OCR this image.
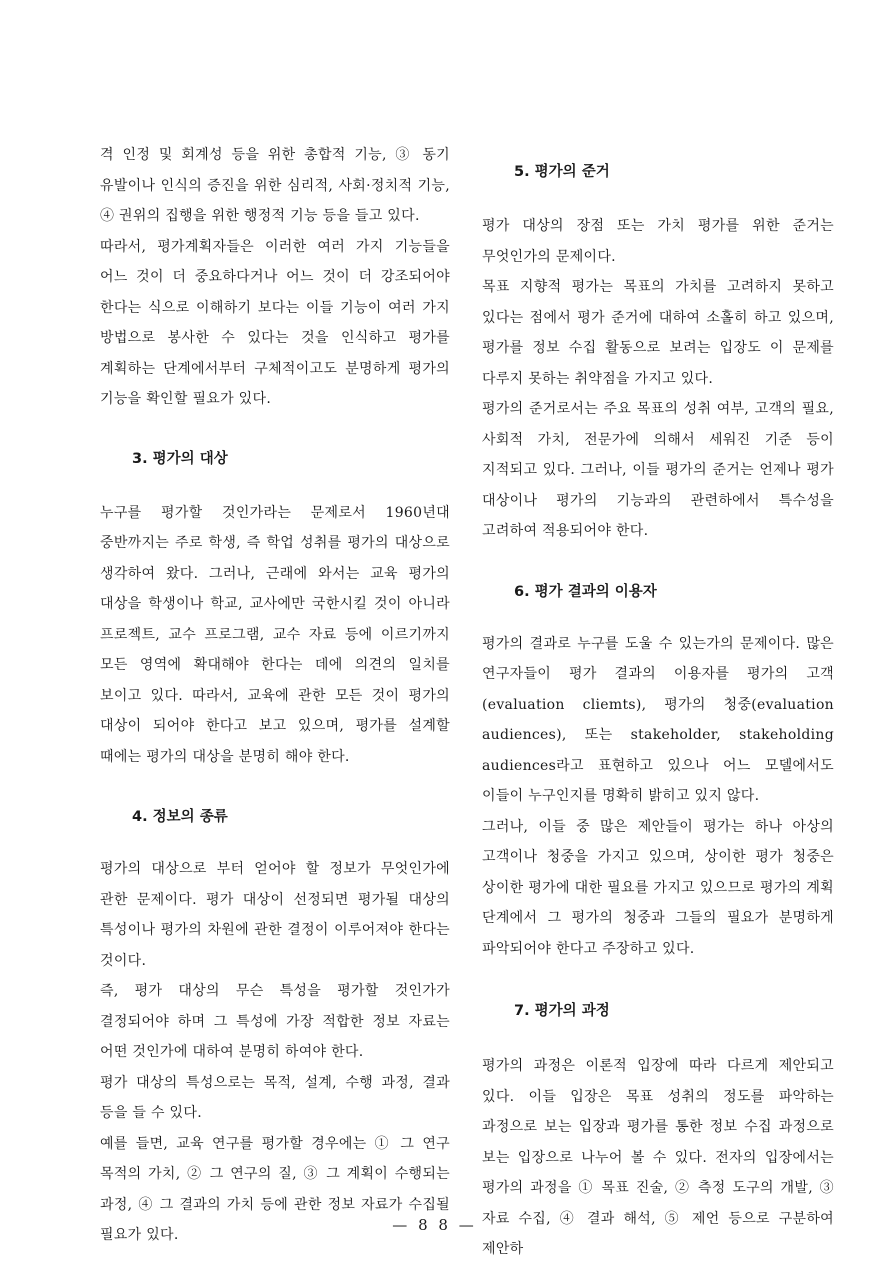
격 인정 및 회계성 등을 위한 총합적 기능, ③ 동기 유발이나 인식의 증진을 위한 심리적, 사회·정치적 기능, ④ 권위의 집행을 위한 행정적 기능 등을 들고 있다.

따라서, 평가계획자들은 이러한 여러 가지 기능들을 어느 것이 더 중요하다거나 어느 것이 더 강조되어야 한다는 식으로 이해하기 보다는 이들 기능이 여러 가지 방법으로 봉사한 수 있다는 것을 인식하고 평가를 계획하는 단계에서부터 구체적이고도 분명하게 평가의 기능을 확인할 필요가 있다.

3. 평가의 대상

누구를 평가할 것인가라는 문제로서 1960년대 중반까지는 주로 학생, 즉 학업 성취를 평가의 대상으로 생각하여 왔다. 그러나, 근래에 와서는 교육 평가의 대상을 학생이나 학교, 교사에만 국한시킬 것이 아니라 프로젝트, 교수 프로그램, 교수 자료 등에 이르기까지 모든 영역에 확대해야 한다는 데에 의견의 일치를 보이고 있다. 따라서, 교육에 관한 모든 것이 평가의 대상이 되어야 한다고 보고 있으며, 평가를 설계할 때에는 평가의 대상을 분명히 해야 한다.

4. 정보의 종류

평가의 대상으로 부터 얻어야 할 정보가 무엇인가에 관한 문제이다. 평가 대상이 선정되면 평가될 대상의 특성이나 평가의 차원에 관한 결정이 이루어져야 한다는 것이다.

즉, 평가 대상의 무슨 특성을 평가할 것인가가 결정되어야 하며 그 특성에 가장 적합한 정보 자료는 어떤 것인가에 대하여 분명히 하여야 한다.

평가 대상의 특성으로는 목적, 설계, 수행 과정, 결과 등을 들 수 있다.

예를 들면, 교육 연구를 평가할 경우에는 ① 그 연구 목적의 가치, ② 그 연구의 질, ③ 그 계획이 수행되는 과정, ④ 그 결과의 가치 등에 관한 정보 자료가 수집될 필요가 있다.

5. 평가의 준거

평가 대상의 장점 또는 가치 평가를 위한 준거는 무엇인가의 문제이다.

목표 지향적 평가는 목표의 가치를 고려하지 못하고 있다는 점에서 평가 준거에 대하여 소홀히 하고 있으며, 평가를 정보 수집 활동으로 보려는 입장도 이 문제를 다루지 못하는 취약점을 가지고 있다.

평가의 준거로서는 주요 목표의 성취 여부, 고객의 필요, 사회적 가치, 전문가에 의해서 세워진 기준 등이 지적되고 있다. 그러나, 이들 평가의 준거는 언제나 평가 대상이나 평가의 기능과의 관련하에서 특수성을 고려하여 적용되어야 한다.

6. 평가 결과의 이용자

평가의 결과로 누구를 도울 수 있는가의 문제이다. 많은 연구자들이 평가 결과의 이용자를 평가의 고객(evaluation cliemts), 평가의 청중(evaluation audiences), 또는 stakeholder, stakeholding audiences라고 표현하고 있으나 어느 모델에서도 이들이 누구인지를 명확히 밝히고 있지 않다.

그러나, 이들 중 많은 제안들이 평가는 하나 아상의 고객이나 청중을 가지고 있으며, 상이한 평가 청중은 상이한 평가에 대한 필요를 가지고 있으므로 평가의 계획 단계에서 그 평가의 청중과 그들의 필요가 분명하게 파악되어야 한다고 주장하고 있다.

7. 평가의 과정

평가의 과정은 이론적 입장에 따라 다르게 제안되고 있다. 이들 입장은 목표 성취의 정도를 파악하는 과정으로 보는 입장과 평가를 통한 정보 수집 과정으로 보는 입장으로 나누어 볼 수 있다. 전자의 입장에서는 평가의 과정을 ① 목표 진술, ② 측정 도구의 개발, ③ 자료 수집, ④ 결과 해석, ⑤ 제언 등으로 구분하여 제안하

— 8 8 —
